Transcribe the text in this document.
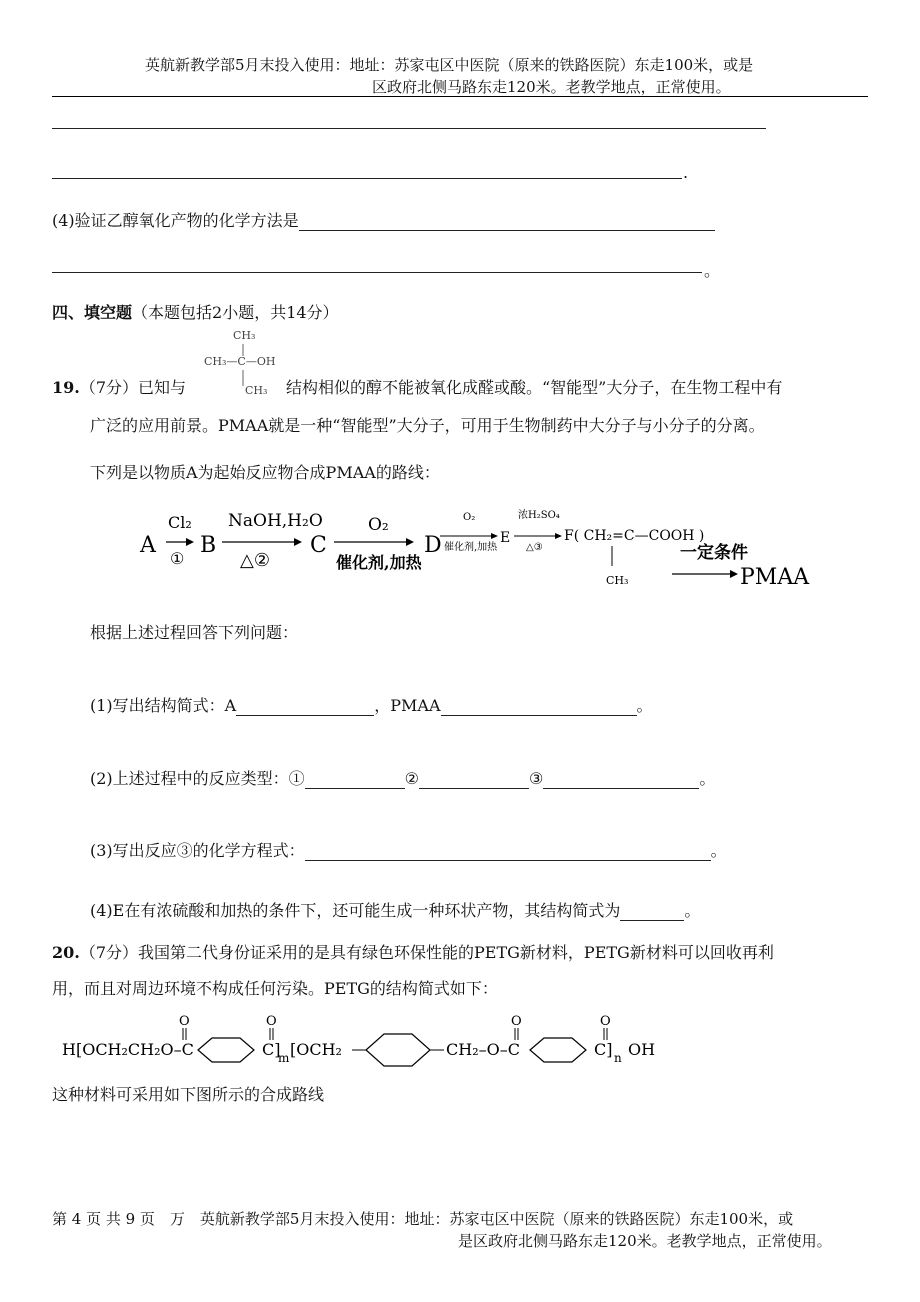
英航新教学部5月末投入使用：地址：苏家屯区中医院（原来的铁路医院）东走100米，或是
区政府北侧马路东走120米。老教学地点，正常使用。
.
(4)验证乙醇氧化产物的化学方法是
。
四、填空题（本题包括2小题，共14分）
CH₃
CH₃
CH₃—C—OH
19.（7分）已知与	结构相似的醇不能被氧化成醛或酸。“智能型”大分子，在生物工程中有
广泛的应用前景。PMAA就是一种“智能型”大分子，可用于生物制药中大分子与小分子的分离。
下列是以物质A为起始反应物合成PMAA的路线：
A
Cl₂
①
B
NaOH,H₂O
△②
C
O₂
催化剂,加热
D
O₂
催化剂,加热
E
浓H₂SO₄
△③
F( CH₂=C—COOH )
CH₃
一定条件
PMAA
根据上述过程回答下列问题：
(1)写出结构简式：A	，PMAA	。
(2)上述过程中的反应类型：①	②	③	。
(3)写出反应③的化学方程式：	。
(4)E在有浓硫酸和加热的条件下，还可能生成一种环状产物，其结构简式为	。
20.（7分）我国第二代身份证采用的是具有绿色环保性能的PETG新材料，PETG新材料可以回收再利
用，而且对周边环境不构成任何污染。PETG的结构简式如下：
H[OCH₂CH₂O–C
O
C]
O
m [OCH₂	CH₂–O–C
O
C]
O
n OH
这种材料可采用如下图所示的合成路线
第 4 页 共 9 页　万　英航新教学部5月末投入使用：地址：苏家屯区中医院（原来的铁路医院）东走100米，或
是区政府北侧马路东走120米。老教学地点，正常使用。
